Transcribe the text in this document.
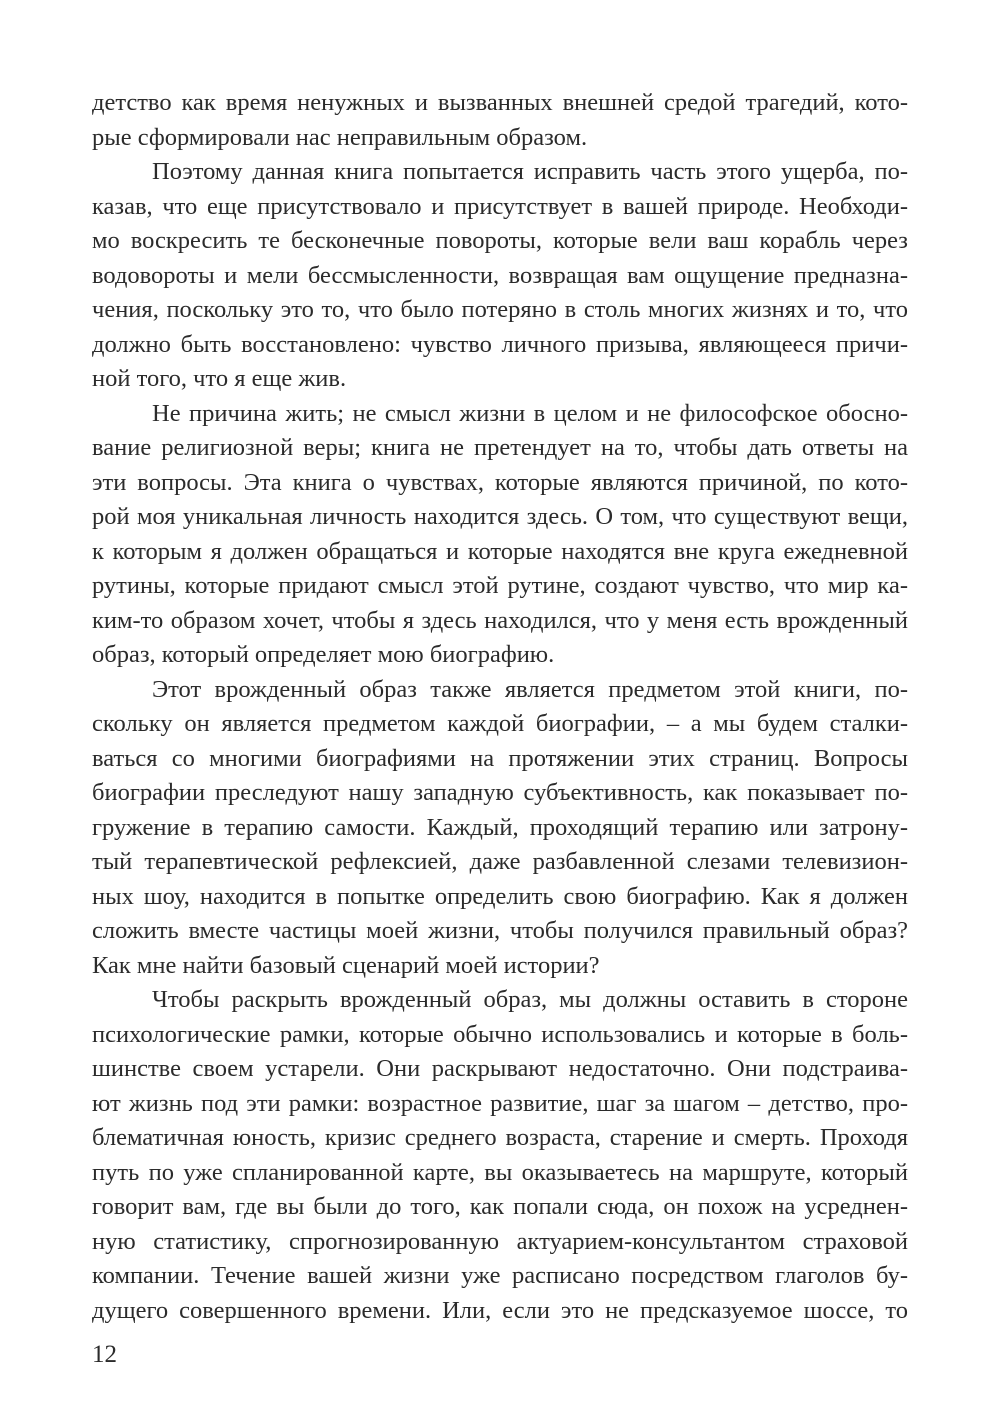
детство как время ненужных и вызванных внешней средой трагедий, кото-
рые сформировали нас неправильным образом.
Поэтому данная книга попытается исправить часть этого ущерба, по-
казав, что еще присутствовало и присутствует в вашей природе. Необходи-
мо воскресить те бесконечные повороты, которые вели ваш корабль через
водовороты и мели бессмысленности, возвращая вам ощущение предназна-
чения, поскольку это то, что было потеряно в столь многих жизнях и то, что
должно быть восстановлено: чувство личного призыва, являющееся причи-
ной того, что я еще жив.
Не причина жить; не смысл жизни в целом и не философское обосно-
вание религиозной веры; книга не претендует на то, чтобы дать ответы на
эти вопросы. Эта книга о чувствах, которые являются причиной, по кото-
рой моя уникальная личность находится здесь. О том, что существуют вещи,
к которым я должен обращаться и которые находятся вне круга ежедневной
рутины, которые придают смысл этой рутине, создают чувство, что мир ка-
ким-то образом хочет, чтобы я здесь находился, что у меня есть врожденный
образ, который определяет мою биографию.
Этот врожденный образ также является предметом этой книги, по-
скольку он является предметом каждой биографии, – а мы будем сталки-
ваться со многими биографиями на протяжении этих страниц. Вопросы
биографии преследуют нашу западную субъективность, как показывает по-
гружение в терапию самости. Каждый, проходящий терапию или затрону-
тый терапевтической рефлексией, даже разбавленной слезами телевизион-
ных шоу, находится в попытке определить свою биографию. Как я должен
сложить вместе частицы моей жизни, чтобы получился правильный образ?
Как мне найти базовый сценарий моей истории?
Чтобы раскрыть врожденный образ, мы должны оставить в стороне
психологические рамки, которые обычно использовались и которые в боль-
шинстве своем устарели. Они раскрывают недостаточно. Они подстраива-
ют жизнь под эти рамки: возрастное развитие, шаг за шагом – детство, про-
блематичная юность, кризис среднего возраста, старение и смерть. Проходя
путь по уже спланированной карте, вы оказываетесь на маршруте, который
говорит вам, где вы были до того, как попали сюда, он похож на усреднен-
ную статистику, спрогнозированную актуарием-консультантом страховой
компании. Течение вашей жизни уже расписано посредством глаголов бу-
дущего совершенного времени. Или, если это не предсказуемое шоссе, то
12
